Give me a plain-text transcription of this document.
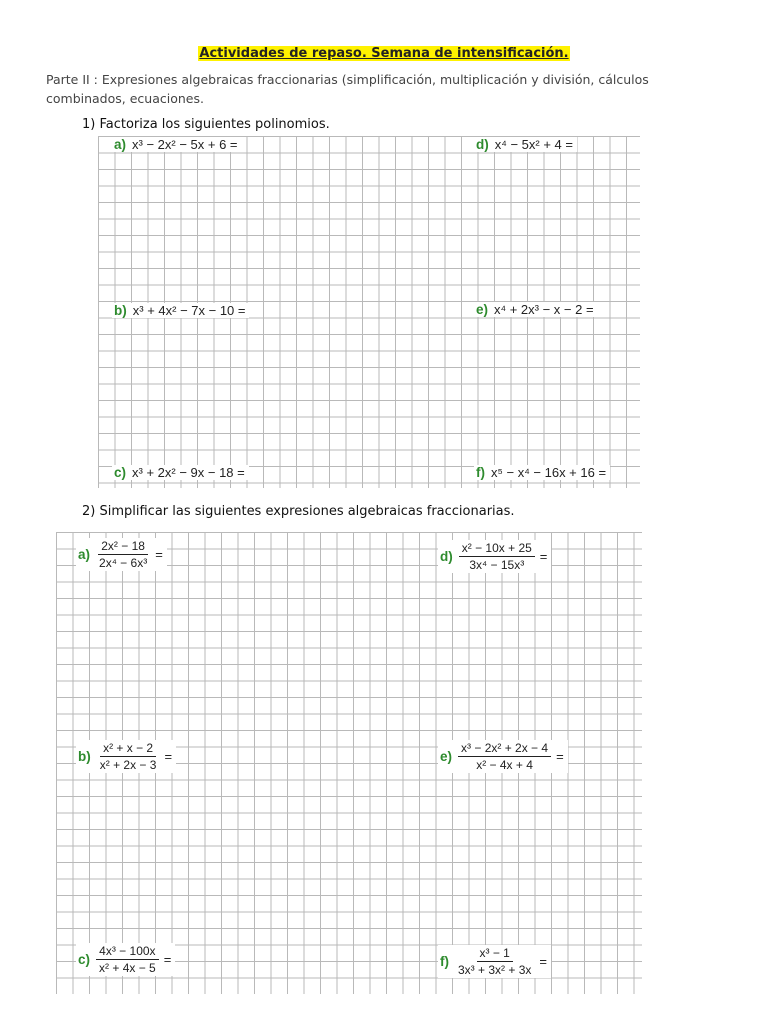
Actividades de repaso. Semana de intensificación.
Parte II : Expresiones algebraicas fraccionarias (simplificación, multiplicación y división, cálculos combinados, ecuaciones.
1) Factoriza los siguientes polinomios.
a) x³ − 2x² − 5x + 6 =
b) x³ + 4x² − 7x − 10 =
c) x³ + 2x² − 9x − 18 =
d) x⁴ − 5x² + 4 =
e) x⁴ + 2x³ − x − 2 =
f) x⁵ − x⁴ − 16x + 16 =
2) Simplificar las siguientes expresiones algebraicas fraccionarias.
$a) \frac{\text{2x² − 18}}{\text{2x⁴ − 6x³}}$ =
$b) \frac{\text{x² + x − 2}}{\text{x² + 2x − 3}}$ =
$c) \frac{\text{4x³ − 100x}}{\text{x² + 4x − 5}}$ =
$d) \frac{\text{x² − 10x + 25}}{\text{3x⁴ − 15x³}}$ =
$e) \frac{\text{x³ − 2x² + 2x − 4}}{\text{x² − 4x + 4}}$ =
$f) \frac{\text{x³ − 1}}{\text{3x³ + 3x² + 3x}}$ =
